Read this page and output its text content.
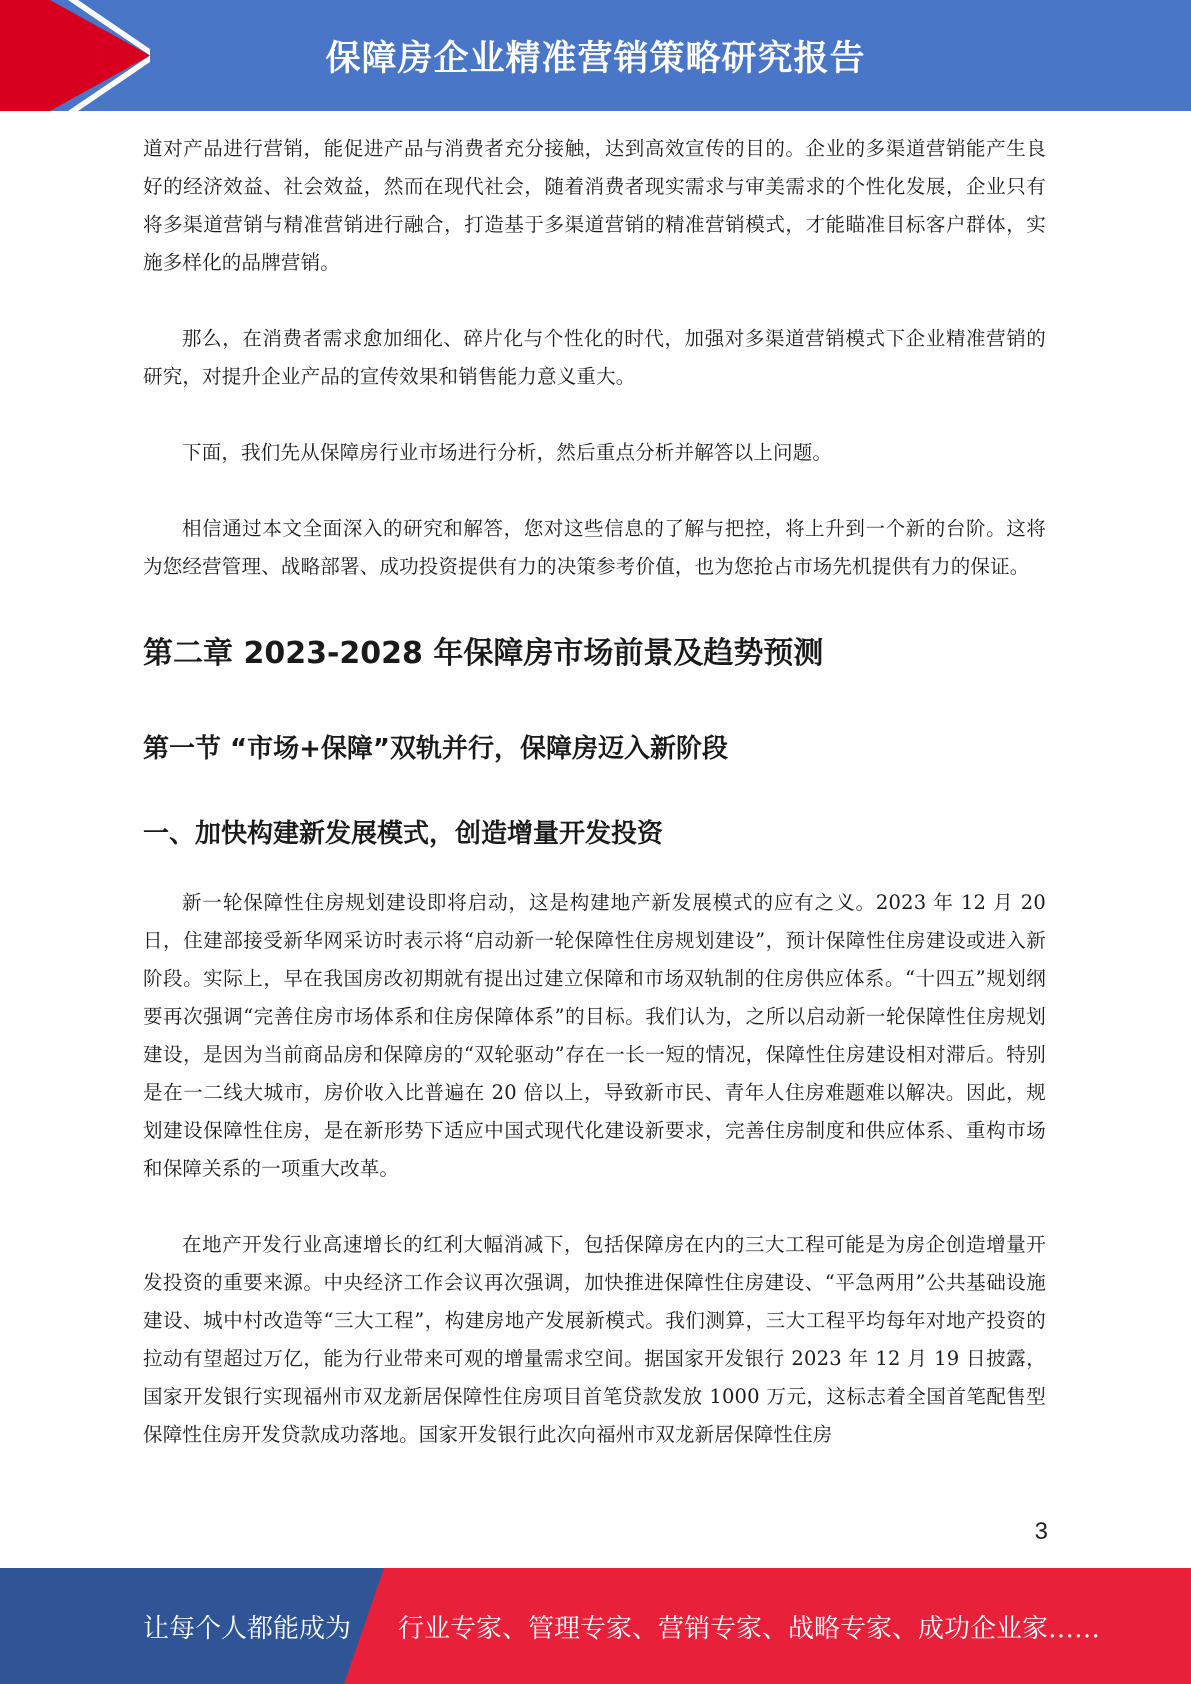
保障房企业精准营销策略研究报告

道对产品进行营销，能促进产品与消费者充分接触，达到高效宣传的目的。企业的多渠道营销能产生良好的经济效益、社会效益，然而在现代社会，随着消费者现实需求与审美需求的个性化发展，企业只有将多渠道营销与精准营销进行融合，打造基于多渠道营销的精准营销模式，才能瞄准目标客户群体，实施多样化的品牌营销。

那么，在消费者需求愈加细化、碎片化与个性化的时代，加强对多渠道营销模式下企业精准营销的研究，对提升企业产品的宣传效果和销售能力意义重大。

下面，我们先从保障房行业市场进行分析，然后重点分析并解答以上问题。

相信通过本文全面深入的研究和解答，您对这些信息的了解与把控，将上升到一个新的台阶。这将为您经营管理、战略部署、成功投资提供有力的决策参考价值，也为您抢占市场先机提供有力的保证。

第二章 2023-2028 年保障房市场前景及趋势预测
第一节 “市场+保障”双轨并行，保障房迈入新阶段
一、加快构建新发展模式，创造增量开发投资

新一轮保障性住房规划建设即将启动，这是构建地产新发展模式的应有之义。2023 年 12 月 20 日，住建部接受新华网采访时表示将“启动新一轮保障性住房规划建设”，预计保障性住房建设或进入新阶段。实际上，早在我国房改初期就有提出过建立保障和市场双轨制的住房供应体系。“十四五”规划纲要再次强调“完善住房市场体系和住房保障体系”的目标。我们认为，之所以启动新一轮保障性住房规划建设，是因为当前商品房和保障房的“双轮驱动”存在一长一短的情况，保障性住房建设相对滞后。特别是在一二线大城市，房价收入比普遍在 20 倍以上，导致新市民、青年人住房难题难以解决。因此，规划建设保障性住房，是在新形势下适应中国式现代化建设新要求，完善住房制度和供应体系、重构市场和保障关系的一项重大改革。

在地产开发行业高速增长的红利大幅消减下，包括保障房在内的三大工程可能是为房企创造增量开发投资的重要来源。中央经济工作会议再次强调，加快推进保障性住房建设、“平急两用”公共基础设施建设、城中村改造等“三大工程”，构建房地产发展新模式。我们测算，三大工程平均每年对地产投资的拉动有望超过万亿，能为行业带来可观的增量需求空间。据国家开发银行 2023 年 12 月 19 日披露，国家开发银行实现福州市双龙新居保障性住房项目首笔贷款发放 1000 万元，这标志着全国首笔配售型保障性住房开发贷款成功落地。国家开发银行此次向福州市双龙新居保障性住房

3
让每个人都能成为 行业专家、管理专家、营销专家、战略专家、成功企业家……
